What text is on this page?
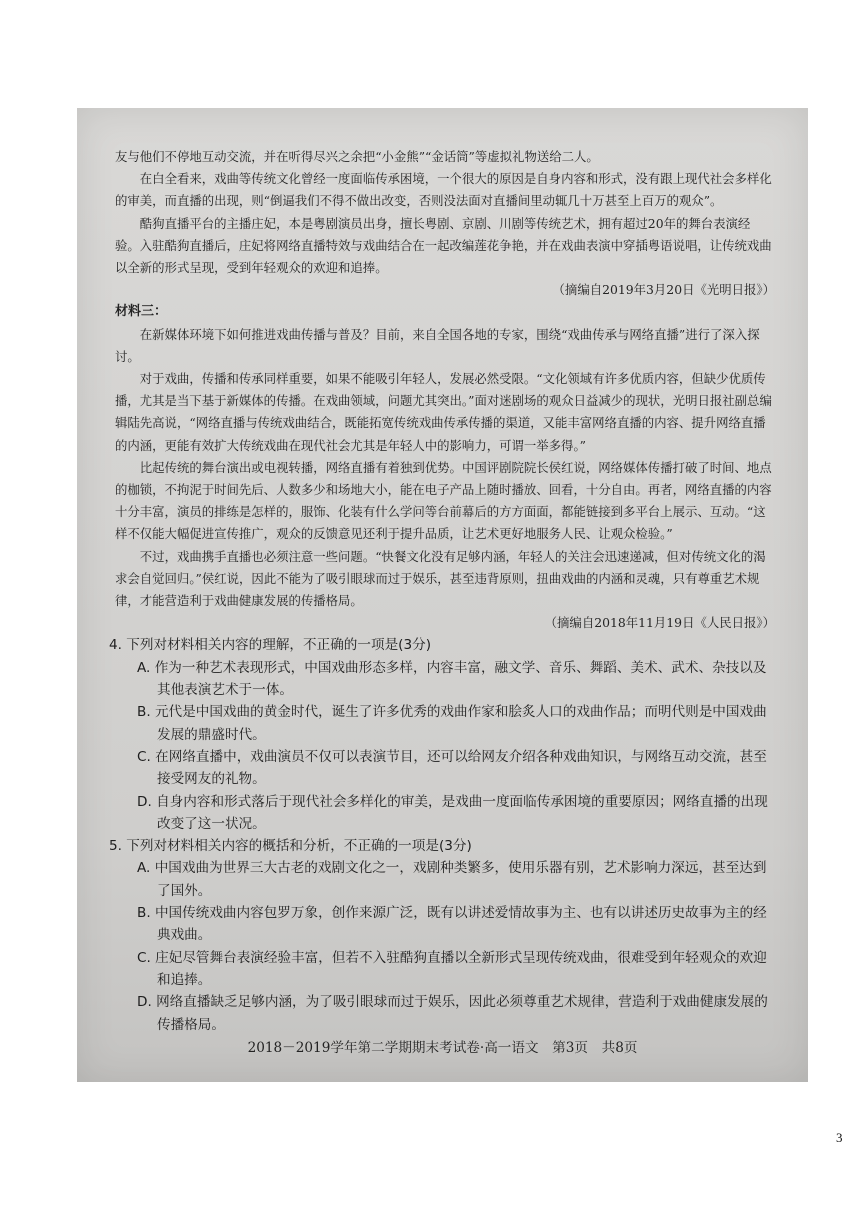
友与他们不停地互动交流，并在听得尽兴之余把“小金熊”“金话筒”等虚拟礼物送给二人。

在白全看来，戏曲等传统文化曾经一度面临传承困境，一个很大的原因是自身内容和形式，没有跟上现代社会多样化的审美，而直播的出现，则“倒逼我们不得不做出改变，否则没法面对直播间里动辄几十万甚至上百万的观众”。

酷狗直播平台的主播庄妃，本是粤剧演员出身，擅长粤剧、京剧、川剧等传统艺术，拥有超过20年的舞台表演经验。入驻酷狗直播后，庄妃将网络直播特效与戏曲结合在一起改编莲花争艳，并在戏曲表演中穿插粤语说唱，让传统戏曲以全新的形式呈现，受到年轻观众的欢迎和追捧。

（摘编自2019年3月20日《光明日报》）

材料三：

在新媒体环境下如何推进戏曲传播与普及？目前，来自全国各地的专家，围绕“戏曲传承与网络直播”进行了深入探讨。

对于戏曲，传播和传承同样重要，如果不能吸引年轻人，发展必然受限。“文化领域有许多优质内容，但缺少优质传播，尤其是当下基于新媒体的传播。在戏曲领域，问题尤其突出。”面对迷剧场的观众日益减少的现状，光明日报社副总编辑陆先高说，“网络直播与传统戏曲结合，既能拓宽传统戏曲传承传播的渠道，又能丰富网络直播的内容、提升网络直播的内涵，更能有效扩大传统戏曲在现代社会尤其是年轻人中的影响力，可谓一举多得。”

比起传统的舞台演出或电视转播，网络直播有着独到优势。中国评剧院院长侯红说，网络媒体传播打破了时间、地点的枷锁，不拘泥于时间先后、人数多少和场地大小，能在电子产品上随时播放、回看，十分自由。再者，网络直播的内容十分丰富，演员的排练是怎样的，服饰、化装有什么学问等台前幕后的方方面面，都能链接到多平台上展示、互动。“这样不仅能大幅促进宣传推广，观众的反馈意见还利于提升品质，让艺术更好地服务人民、让观众检验。”

不过，戏曲携手直播也必须注意一些问题。“快餐文化没有足够内涵，年轻人的关注会迅速递减，但对传统文化的渴求会自觉回归。”侯红说，因此不能为了吸引眼球而过于娱乐，甚至违背原则，扭曲戏曲的内涵和灵魂，只有尊重艺术规律，才能营造利于戏曲健康发展的传播格局。

（摘编自2018年11月19日《人民日报》）

4. 下列对材料相关内容的理解，不正确的一项是(3分)

A. 作为一种艺术表现形式，中国戏曲形态多样，内容丰富，融文学、音乐、舞蹈、美术、武术、杂技以及其他表演艺术于一体。

B. 元代是中国戏曲的黄金时代，诞生了许多优秀的戏曲作家和脍炙人口的戏曲作品；而明代则是中国戏曲发展的鼎盛时代。

C. 在网络直播中，戏曲演员不仅可以表演节目，还可以给网友介绍各种戏曲知识，与网络互动交流，甚至接受网友的礼物。

D. 自身内容和形式落后于现代社会多样化的审美，是戏曲一度面临传承困境的重要原因；网络直播的出现改变了这一状况。

5. 下列对材料相关内容的概括和分析，不正确的一项是(3分)

A. 中国戏曲为世界三大古老的戏剧文化之一，戏剧种类繁多，使用乐器有别，艺术影响力深远，甚至达到了国外。

B. 中国传统戏曲内容包罗万象，创作来源广泛，既有以讲述爱情故事为主、也有以讲述历史故事为主的经典戏曲。

C. 庄妃尽管舞台表演经验丰富，但若不入驻酷狗直播以全新形式呈现传统戏曲，很难受到年轻观众的欢迎和追捧。

D. 网络直播缺乏足够内涵，为了吸引眼球而过于娱乐，因此必须尊重艺术规律，营造利于戏曲健康发展的传播格局。

2018－2019学年第二学期期末考试卷·高一语文　第3页　共8页
3
